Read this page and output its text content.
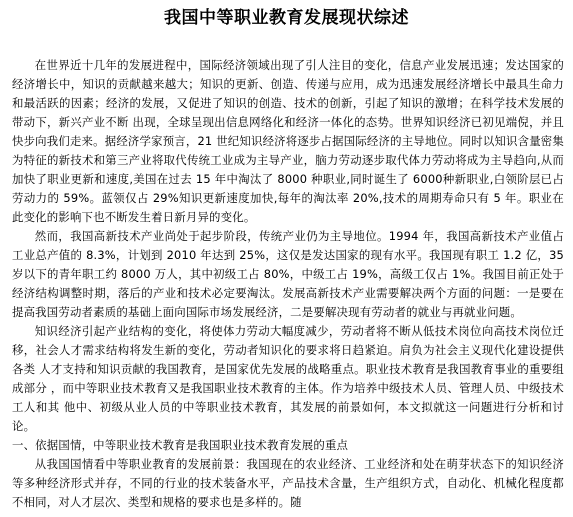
我国中等职业教育发展现状综述

在世界近十几年的发展进程中，国际经济领域出现了引人注目的变化，信息产业发展迅速；发达国家的经济增长中，知识的贡献越来越大；知识的更新、创造、传递与应用，成为迅速发展经济增长中最具生命力和最活跃的因素；经济的发展，又促进了知识的创造、技术的创新，引起了知识的激增；在科学技术发展的带动下，新兴产业不断 出现，全球呈现出信息网络化和经济一体化的态势。世界知识经济已初见端倪，并且快步向我们走来。据经济学家预言，21 世纪知识经济将逐步占据国际经济的主导地位。同时以知识含量密集为特征的新技术和第三产业将取代传统工业成为主导产业，脑力劳动逐步取代体力劳动将成为主导趋向,从而加快了职业更新和速度,美国在过去 15 年中淘汰了 8000 种职业,同时诞生了 6000种新职业,白领阶层已占劳动力的 59%。蓝领仅占 29%知识更新速度加快,每年的淘汰率 20%,技术的周期寿命只有 5 年。职业在此变化的影响下也不断发生着日新月异的变化。

然而，我国高新技术产业尚处于起步阶段，传统产业仍为主导地位。1994 年，我国高新技术产业值占工业总产值的 8.3%，计划到 2010 年达到 25%，这仅是发达国家的现有水平。我国现有职工 1.2 亿，35 岁以下的青年职工约 8000 万人，其中初级工占 80%，中级工占 19%，高级工仅占 1%。我国目前正处于经济结构调整时期，落后的产业和技术必定要淘汰。发展高新技术产业需要解决两个方面的问题：一是要在提高我国劳动者素质的基础上面向国际市场发展经济，二是要解决现有劳动者的就业与再就业问题。

知识经济引起产业结构的变化，将使体力劳动大幅度减少，劳动者将不断从低技术岗位向高技术岗位迁移，社会人才需求结构将发生新的变化，劳动者知识化的要求将日趋紧迫。肩负为社会主义现代化建设提供各类 人才支持和知识贡献的我国教育，是国家优先发展的战略重点。职业技术教育是我国教育事业的重要组成部分 ，而中等职业技术教育又是我国职业技术教育的主体。作为培养中级技术人员、管理人员、中级技术工人和其 他中、初级从业人员的中等职业技术教育，其发展的前景如何，本文拟就这一问题进行分析和讨论。

一、依据国情，中等职业技术教育是我国职业技术教育发展的重点

从我国国情看中等职业教育的发展前景：我国现在的农业经济、工业经济和处在萌芽状态下的知识经济等多种经济形式并存，不同的行业的技术装备水平，产品技术含量，生产组织方式，自动化、机械化程度都不相同，对人才层次、类型和规格的要求也是多样的。随
